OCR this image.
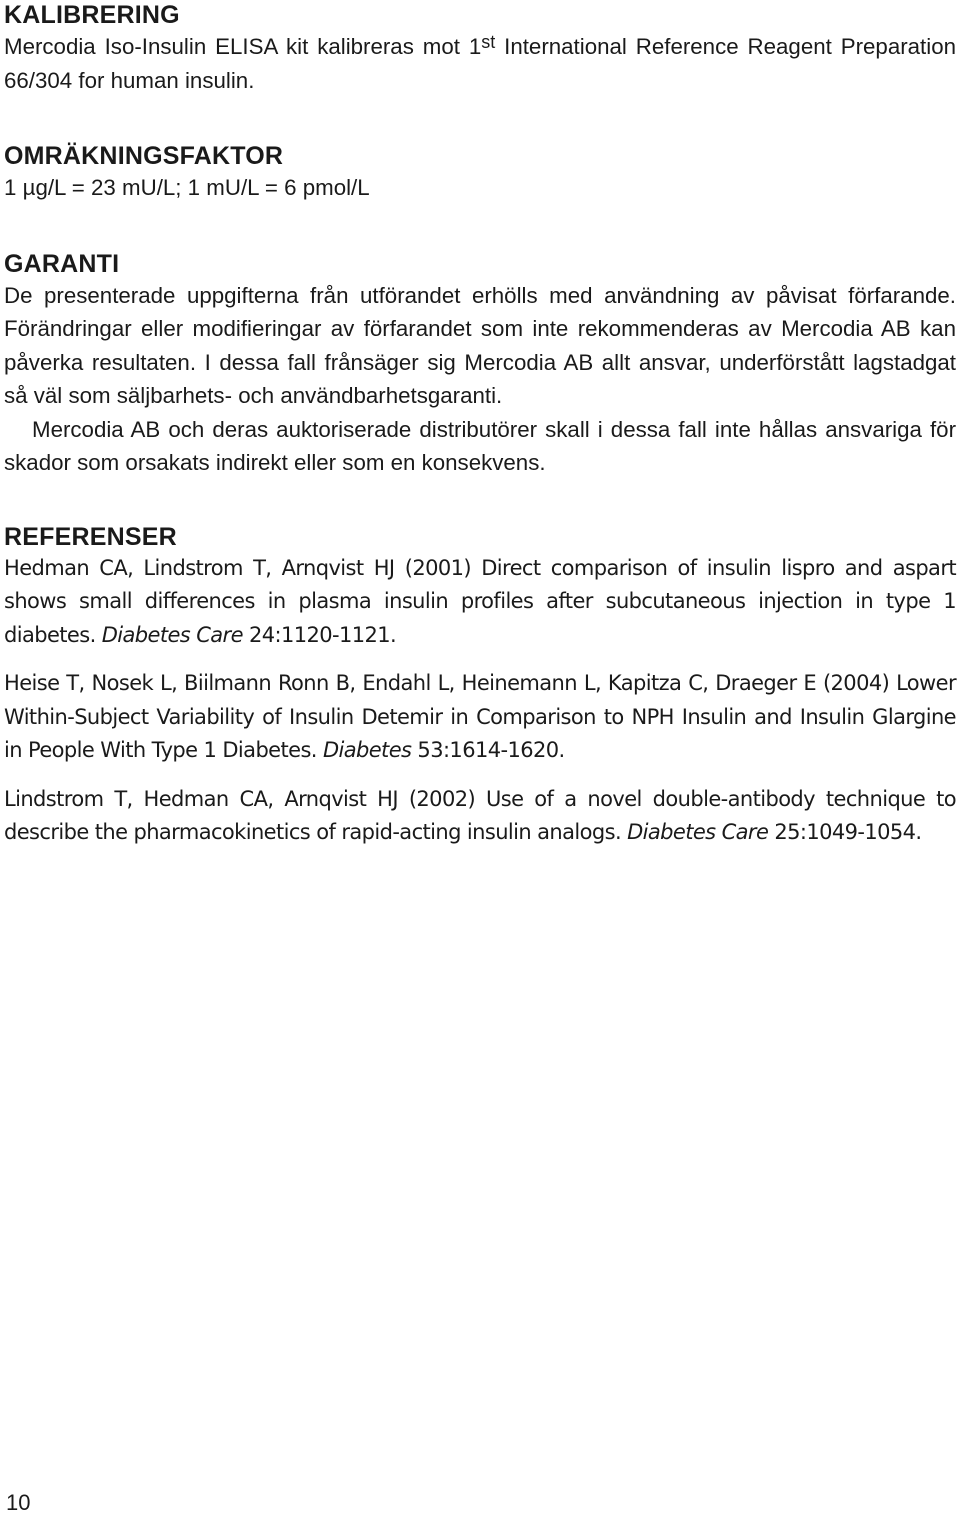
KALIBRERING

Mercodia Iso-Insulin ELISA kit kalibreras mot 1st International Reference Reagent Preparation 66/304 for human insulin.

OMRÄKNINGSFAKTOR

1 µg/L = 23 mU/L; 1 mU/L = 6 pmol/L

GARANTI

De presenterade uppgifterna från utförandet erhölls med användning av påvisat förfarande. Förändringar eller modifieringar av förfarandet som inte rekommenderas av Mercodia AB kan påverka resultaten. I dessa fall frånsäger sig Mercodia AB allt ansvar, underförstått lagstadgat så väl som säljbarhets- och användbarhetsgaranti.

Mercodia AB och deras auktoriserade distributörer skall i dessa fall inte hållas ansvariga för skador som orsakats indirekt eller som en konsekvens.

REFERENSER

Hedman CA, Lindstrom T, Arnqvist HJ (2001) Direct comparison of insulin lispro and aspart shows small differences in plasma insulin profiles after subcutaneous injection in type 1 diabetes. Diabetes Care 24:1120-1121.

Heise T, Nosek L, Biilmann Ronn B, Endahl L, Heinemann L, Kapitza C, Draeger E (2004) Lower Within-Subject Variability of Insulin Detemir in Comparison to NPH Insulin and Insulin Glargine in People With Type 1 Diabetes. Diabetes 53:1614-1620.

Lindstrom T, Hedman CA, Arnqvist HJ (2002) Use of a novel double-antibody technique to describe the pharmacokinetics of rapid-acting insulin analogs. Diabetes Care 25:1049-1054.

10
